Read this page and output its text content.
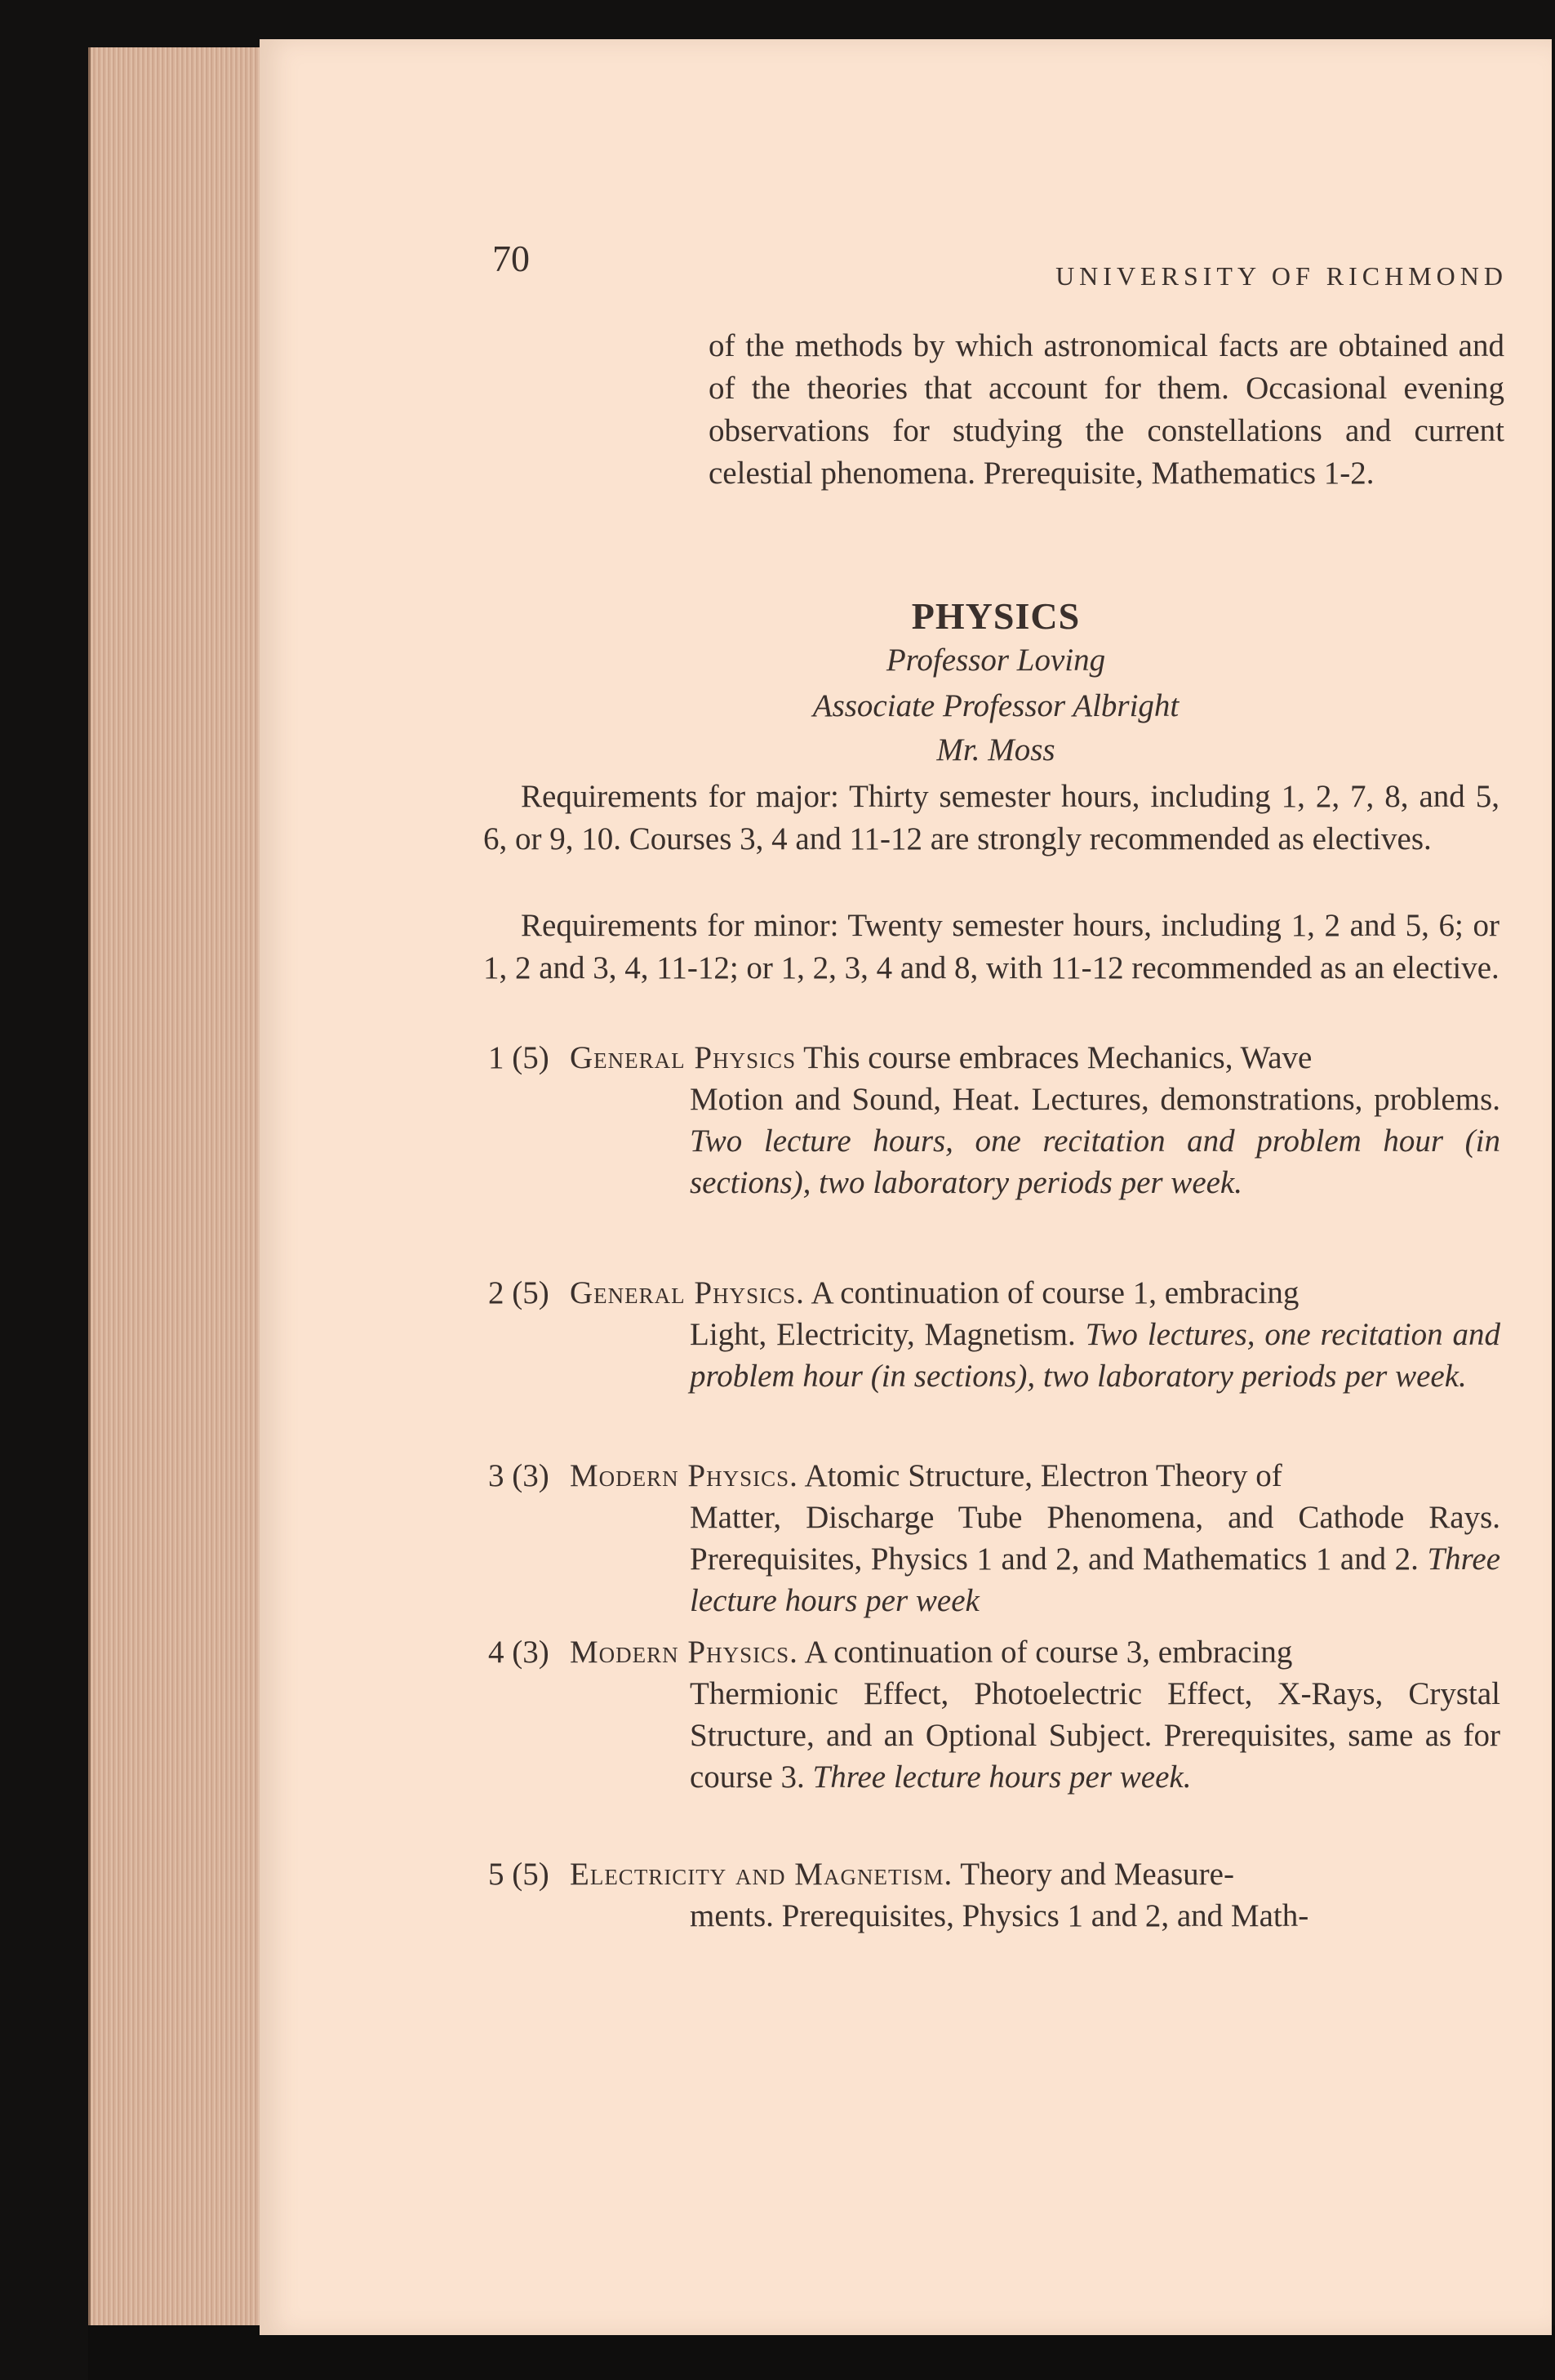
70	UNIVERSITY OF RICHMOND
of the methods by which astronomical facts are obtained and of the theories that account for them. Occasional evening observations for studying the constellations and current celestial phenomena. Prerequisite, Mathematics 1-2.
PHYSICS
Professor Loving
Associate Professor Albright
Mr. Moss
Requirements for major: Thirty semester hours, including 1, 2, 7, 8, and 5, 6, or 9, 10. Courses 3, 4 and 11-12 are strongly recommended as electives.
Requirements for minor: Twenty semester hours, including 1, 2 and 5, 6; or 1, 2 and 3, 4, 11-12; or 1, 2, 3, 4 and 8, with 11-12 recommended as an elective.
1 (5) General Physics This course embraces Mechanics, Wave
Motion and Sound, Heat. Lectures, demonstrations, problems. Two lecture hours, one recitation and problem hour (in sections), two laboratory periods per week.
2 (5) General Physics. A continuation of course 1, embracing
Light, Electricity, Magnetism. Two lectures, one recitation and problem hour (in sections), two laboratory periods per week.
3 (3) Modern Physics. Atomic Structure, Electron Theory of
Matter, Discharge Tube Phenomena, and Cathode Rays. Prerequisites, Physics 1 and 2, and Mathematics 1 and 2. Three lecture hours per week
4 (3) Modern Physics. A continuation of course 3, embracing
Thermionic Effect, Photoelectric Effect, X-Rays, Crystal Structure, and an Optional Subject. Prerequisites, same as for course 3. Three lecture hours per week.
5 (5) Electricity and Magnetism. Theory and Measure-
ments. Prerequisites, Physics 1 and 2, and Math-
